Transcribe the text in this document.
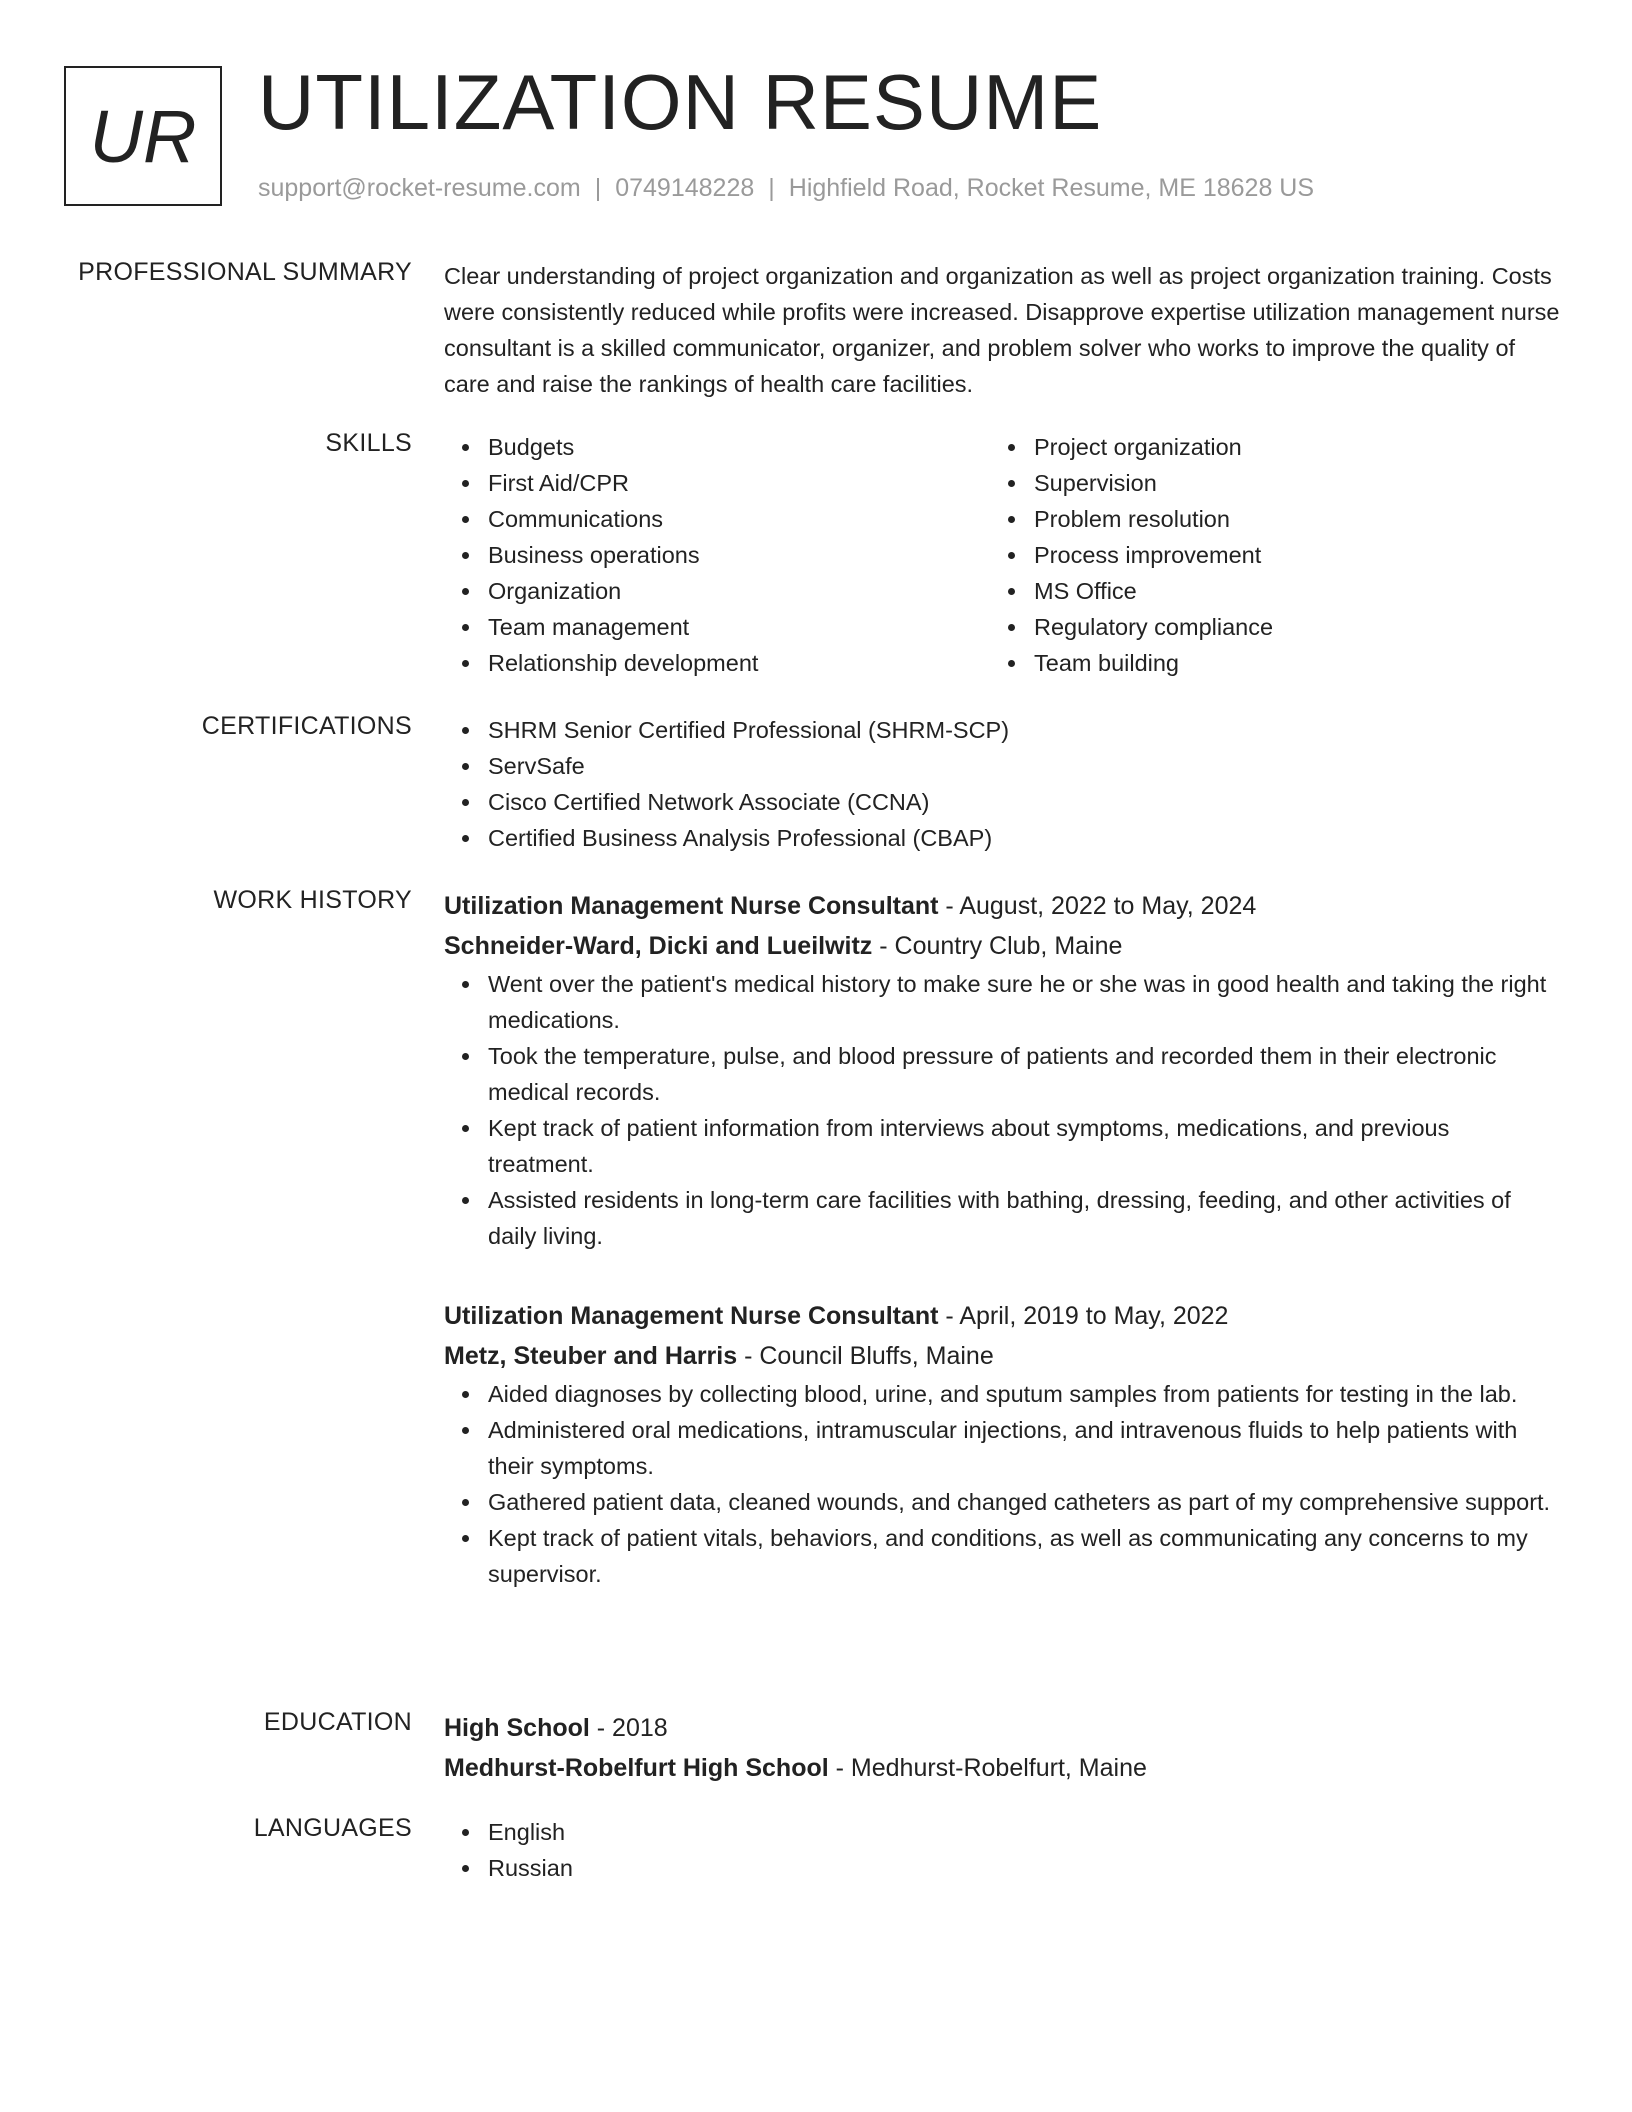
UR UTILIZATION RESUME
support@rocket-resume.com | 0749148228 | Highfield Road, Rocket Resume, ME 18628 US
PROFESSIONAL SUMMARY Clear understanding of project organization and organization as well as project organization training. Costs were consistently reduced while profits were increased. Disapprove expertise utilization management nurse consultant is a skilled communicator, organizer, and problem solver who works to improve the quality of care and raise the rankings of health care facilities.

SKILLS	Budgets
First Aid/CPR
Communications
Business operations
Organization
Team management
Relationship development
Project organization
Supervision
Problem resolution
Process improvement
MS Office
Regulatory compliance
Team building
CERTIFICATIONS	SHRM Senior Certified Professional (SHRM-SCP)
ServSafe
Cisco Certified Network Associate (CCNA)
Certified Business Analysis Professional (CBAP)
WORK HISTORY Utilization Management Nurse Consultant - August, 2022 to May, 2024
Schneider-Ward, Dicki and Lueilwitz - Country Club, Maine
Went over the patient's medical history to make sure he or she was in good health and taking the right medications.
Took the temperature, pulse, and blood pressure of patients and recorded them in their electronic medical records.
Kept track of patient information from interviews about symptoms, medications, and previous treatment.
Assisted residents in long-term care facilities with bathing, dressing, feeding, and other activities of daily living.
Utilization Management Nurse Consultant - April, 2019 to May, 2022
Metz, Steuber and Harris - Council Bluffs, Maine
Aided diagnoses by collecting blood, urine, and sputum samples from patients for testing in the lab.
Administered oral medications, intramuscular injections, and intravenous fluids to help patients with their symptoms.
Gathered patient data, cleaned wounds, and changed catheters as part of my comprehensive support.
Kept track of patient vitals, behaviors, and conditions, as well as communicating any concerns to my supervisor.
EDUCATION High School - 2018
Medhurst-Robelfurt High School - Medhurst-Robelfurt, Maine
LANGUAGES	English
Russian
